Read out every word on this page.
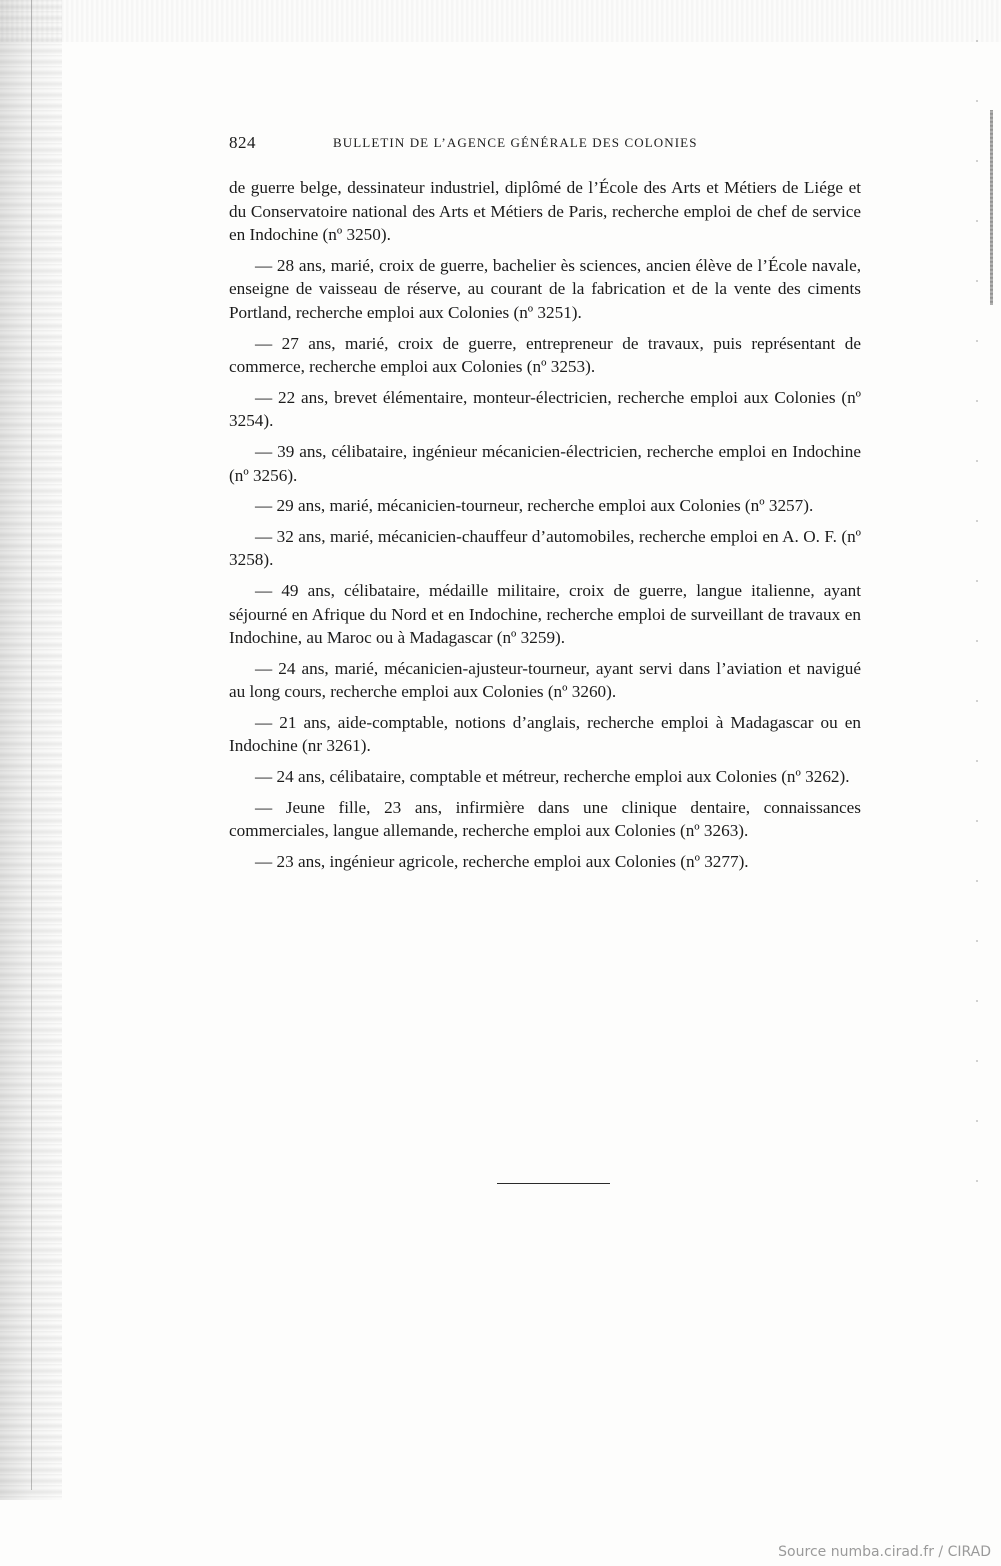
824	BULLETIN DE L’AGENCE GÉNÉRALE DES COLONIES

de guerre belge, dessinateur industriel, diplômé de l’École des Arts et Métiers de Liége et du Conservatoire national des Arts et Métiers de Paris, recherche emploi de chef de service en Indochine (nº 3250).

— 28 ans, marié, croix de guerre, bachelier ès sciences, ancien élève de l’École navale, enseigne de vaisseau de réserve, au courant de la fabrication et de la vente des ciments Portland, recherche emploi aux Colonies (nº 3251).

— 27 ans, marié, croix de guerre, entrepreneur de travaux, puis représentant de commerce, recherche emploi aux Colonies (nº 3253).

— 22 ans, brevet élémentaire, monteur-électricien, recherche emploi aux Colonies (nº 3254).

— 39 ans, célibataire, ingénieur mécanicien-électricien, recherche emploi en Indochine (nº 3256).

— 29 ans, marié, mécanicien-tourneur, recherche emploi aux Colonies (nº 3257).

— 32 ans, marié, mécanicien-chauffeur d’automobiles, recherche emploi en A. O. F. (nº 3258).

— 49 ans, célibataire, médaille militaire, croix de guerre, langue italienne, ayant séjourné en Afrique du Nord et en Indochine, recherche emploi de surveillant de travaux en Indochine, au Maroc ou à Madagascar (nº 3259).

— 24 ans, marié, mécanicien-ajusteur-tourneur, ayant servi dans l’aviation et navigué au long cours, recherche emploi aux Colonies (nº 3260).

— 21 ans, aide-comptable, notions d’anglais, recherche emploi à Madagascar ou en Indochine (nr 3261).

— 24 ans, célibataire, comptable et métreur, recherche emploi aux Colonies (nº 3262).

— Jeune fille, 23 ans, infirmière dans une clinique dentaire, connaissances commerciales, langue allemande, recherche emploi aux Colonies (nº 3263).

— 23 ans, ingénieur agricole, recherche emploi aux Colonies (nº 3277).

Source numba.cirad.fr / CIRAD
